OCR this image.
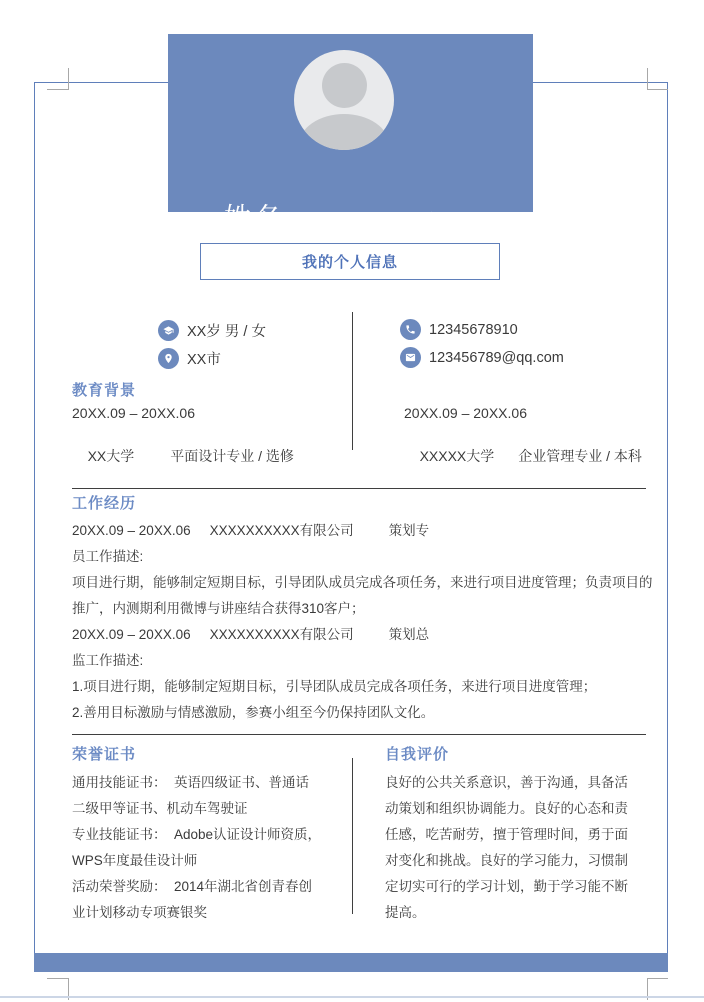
姓名	求职意向: 应聘职位
我的个人信息
XX岁 男 / 女
XX市
12345678910
123456789@qq.com
教育背景
20XX.09 – 20XX.06

XX大学	平面设计专业 / 选修

20XX.09 – 20XX.06

XXXXX大学 企业管理专业 / 本科

工作经历
20XX.09 – 20XX.06 XXXXXXXXXX有限公司	策划专
员工作描述:
项目进行期，能够制定短期目标，引导团队成员完成各项任务，来进行项目进度管理；负责项目的
推广，内测期利用微博与讲座结合获得310客户；
20XX.09 – 20XX.06 XXXXXXXXXX有限公司	策划总
监工作描述:
1.项目进行期，能够制定短期目标，引导团队成员完成各项任务，来进行项目进度管理；
2.善用目标激励与情感激励，参赛小组至今仍保持团队文化。
荣誉证书
通用技能证书：  英语四级证书、普通话
二级甲等证书、机动车驾驶证
专业技能证书：  Adobe认证设计师资质，
WPS年度最佳设计师
活动荣誉奖励：  2014年湖北省创青春创
业计划移动专项赛银奖
自我评价
良好的公共关系意识，善于沟通，具备活
动策划和组织协调能力。良好的心态和责
任感，吃苦耐劳，擅于管理时间，勇于面
对变化和挑战。良好的学习能力，习惯制
定切实可行的学习计划，勤于学习能不断
提高。
